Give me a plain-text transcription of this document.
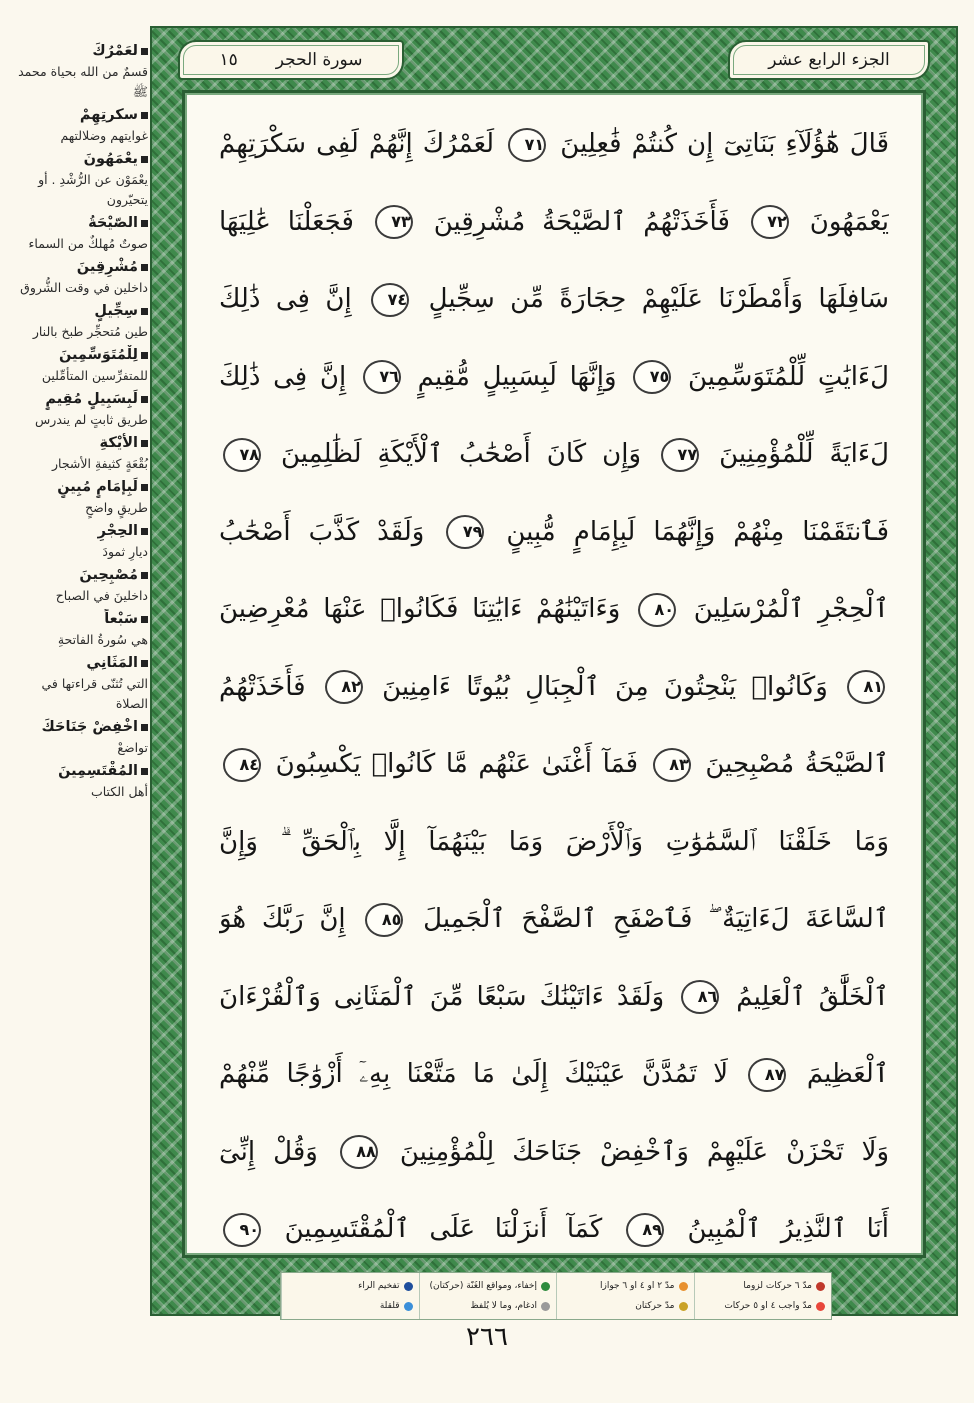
لعَمْرُكَ
قسمٌ من الله بحياة محمد ﷺ
سكرتِهِمْ
غوايتهم وضلالتهم
يعْمَهُونَ
يعْمَوْن عن الرُّشْدِ . أو يتحيّرون
الصّيْحَةُ
صوتٌ مُهلكٌ من السماء
مُشْرِقِينَ
داخلين في وقت الشُّروق
سِجِّيلٍ
طين مُتحجِّر طبخ بالنار
لِلْمُتَوَسِّمِينَ
للمتفرِّسين المتأمِّلين
لَبِسَبِيلٍ مُقِيمٍ
طريق ثابتٍ لم يندرس
الأيْكةِ
بُقْعَةٍ كثيفةِ الأشجار
لَبِإمَامٍ مُبِينٍ
طريقٍ واضحٍ
الحِجْرِ
ديارِ ثمودَ
مُصْبِحِينَ
داخلينَ في الصباح
سَبْعاً
هي سُورةُ الفاتحةِ
المَثَانِي
التي تُثنّى قراءتها في الصلاة
اخْفِضْ جَنَاحَكَ
تواضعْ
المُقْتَسِمِينَ
أهل الكتاب
الجزء الرابع عشر
سورة الحجر
١٥
قَالَ هَٰٓؤُلَآءِ بَنَاتِىٓ إِن كُنتُمْ فَٰعِلِينَ ٧١ لَعَمْرُكَ إِنَّهُمْ لَفِى سَكْرَتِهِمْ
يَعْمَهُونَ ٧٢ فَأَخَذَتْهُمُ ٱلصَّيْحَةُ مُشْرِقِينَ ٧٣ فَجَعَلْنَا عَٰلِيَهَا
سَافِلَهَا وَأَمْطَرْنَا عَلَيْهِمْ حِجَارَةً مِّن سِجِّيلٍ ٧٤ إِنَّ فِى ذَٰلِكَ
لَءَايَٰتٍ لِّلْمُتَوَسِّمِينَ ٧٥ وَإِنَّهَا لَبِسَبِيلٍ مُّقِيمٍ ٧٦ إِنَّ فِى ذَٰلِكَ
لَءَايَةً لِّلْمُؤْمِنِينَ ٧٧ وَإِن كَانَ أَصْحَٰبُ ٱلْأَيْكَةِ لَظَٰلِمِينَ ٧٨
فَٱنتَقَمْنَا مِنْهُمْ وَإِنَّهُمَا لَبِإِمَامٍ مُّبِينٍ ٧٩ وَلَقَدْ كَذَّبَ أَصْحَٰبُ
ٱلْحِجْرِ ٱلْمُرْسَلِينَ ٨٠ وَءَاتَيْنَٰهُمْ ءَايَٰتِنَا فَكَانُوا۟ عَنْهَا مُعْرِضِينَ
٨١ وَكَانُوا۟ يَنْحِتُونَ مِنَ ٱلْجِبَالِ بُيُوتًا ءَامِنِينَ ٨٢ فَأَخَذَتْهُمُ
ٱلصَّيْحَةُ مُصْبِحِينَ ٨٣ فَمَآ أَغْنَىٰ عَنْهُم مَّا كَانُوا۟ يَكْسِبُونَ ٨٤
وَمَا خَلَقْنَا ٱلسَّمَٰوَٰتِ وَٱلْأَرْضَ وَمَا بَيْنَهُمَآ إِلَّا بِٱلْحَقِّ ۗ وَإِنَّ
ٱلسَّاعَةَ لَءَاتِيَةٌ ۖ فَٱصْفَحِ ٱلصَّفْحَ ٱلْجَمِيلَ ٨٥ إِنَّ رَبَّكَ هُوَ
ٱلْخَلَّٰقُ ٱلْعَلِيمُ ٨٦ وَلَقَدْ ءَاتَيْنَٰكَ سَبْعًا مِّنَ ٱلْمَثَانِى وَٱلْقُرْءَانَ
ٱلْعَظِيمَ ٨٧ لَا تَمُدَّنَّ عَيْنَيْكَ إِلَىٰ مَا مَتَّعْنَا بِهِۦٓ أَزْوَٰجًا مِّنْهُمْ
وَلَا تَحْزَنْ عَلَيْهِمْ وَٱخْفِضْ جَنَاحَكَ لِلْمُؤْمِنِينَ ٨٨ وَقُلْ إِنِّىٓ
أَنَا ٱلنَّذِيرُ ٱلْمُبِينُ ٨٩ كَمَآ أَنزَلْنَا عَلَى ٱلْمُقْتَسِمِينَ ٩٠
مدّ ٦ حركات لزوماً
مدّ واجب ٤ او ٥ حركات
مدّ ٢ او ٤ او ٦ جوازاً
مدّ حركتان
إخفاء، ومواقع الغُنَّة (حركتان)
ادغام، وما لا يُلفظ
تفخيم الراء
قلقلة
٢٦٦
